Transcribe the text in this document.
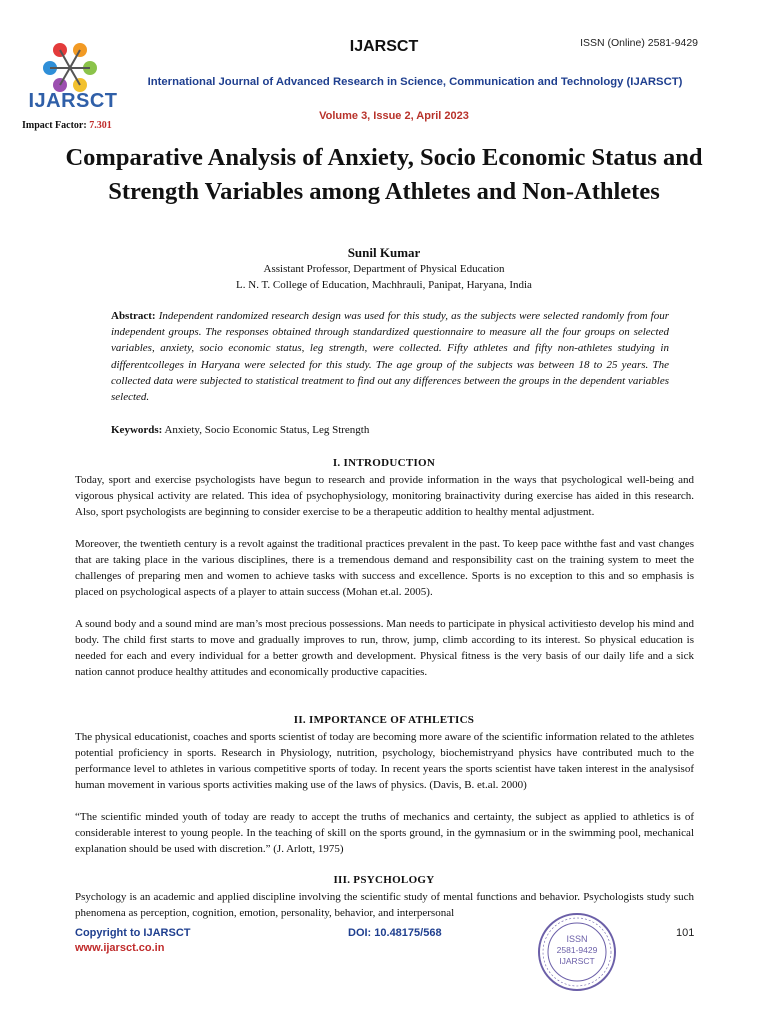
IJARSCT
Impact Factor: 7.301
IJARSCT	ISSN (Online) 2581-9429
International Journal of Advanced Research in Science, Communication and Technology (IJARSCT)
Volume 3, Issue 2, April 2023
Comparative Analysis of Anxiety, Socio Economic Status and Strength Variables among Athletes and Non-Athletes
Sunil Kumar
Assistant Professor, Department of Physical Education
L. N. T. College of Education, Machhrauli, Panipat, Haryana, India
Abstract: Independent randomized research design was used for this study, as the subjects were selected randomly from four independent groups. The responses obtained through standardized questionnaire to measure all the four groups on selected variables, anxiety, socio economic status, leg strength, were collected. Fifty athletes and fifty non-athletes studying in differentcolleges in Haryana were selected for this study. The age group of the subjects was between 18 to 25 years. The collected data were subjected to statistical treatment to find out any differences between the groups in the dependent variables selected.
Keywords: Anxiety, Socio Economic Status, Leg Strength
I. INTRODUCTION
Today, sport and exercise psychologists have begun to research and provide information in the ways that psychological well-being and vigorous physical activity are related. This idea of psychophysiology, monitoring brainactivity during exercise has aided in this research. Also, sport psychologists are beginning to consider exercise to be a therapeutic addition to healthy mental adjustment.
Moreover, the twentieth century is a revolt against the traditional practices prevalent in the past. To keep pace withthe fast and vast changes that are taking place in the various disciplines, there is a tremendous demand and responsibility cast on the training system to meet the challenges of preparing men and women to achieve tasks with success and excellence. Sports is no exception to this and so emphasis is placed on psychological aspects of a player to attain success (Mohan et.al. 2005).
A sound body and a sound mind are man’s most precious possessions. Man needs to participate in physical activitiesto develop his mind and body. The child first starts to move and gradually improves to run, throw, jump, climb according to its interest. So physical education is needed for each and every individual for a better growth and development. Physical fitness is the very basis of our daily life and a sick nation cannot produce healthy attitudes and economically productive capacities.
II. IMPORTANCE OF ATHLETICS
The physical educationist, coaches and sports scientist of today are becoming more aware of the scientific information related to the athletes potential proficiency in sports. Research in Physiology, nutrition, psychology, biochemistryand physics have contributed much to the performance level to athletes in various competitive sports of today. In recent years the sports scientist have taken interest in the analysisof human movement in various sports activities making use of the laws of physics. (Davis, B. et.al. 2000)
“The scientific minded youth of today are ready to accept the truths of mechanics and certainty, the subject as applied to athletics is of considerable interest to young people. In the teaching of skill on the sports ground, in the gymnasium or in the swimming pool, mechanical explanation should be used with discretion.” (J. Arlott, 1975)
III. PSYCHOLOGY
Psychology is an academic and applied discipline involving the scientific study of mental functions and behavior. Psychologists study such phenomena as perception, cognition, emotion, personality, behavior, and interpersonal
Copyright to IJARSCT
www.ijarsct.co.in
DOI: 10.48175/568	101
ISSN
2581-9429
IJARSCT
